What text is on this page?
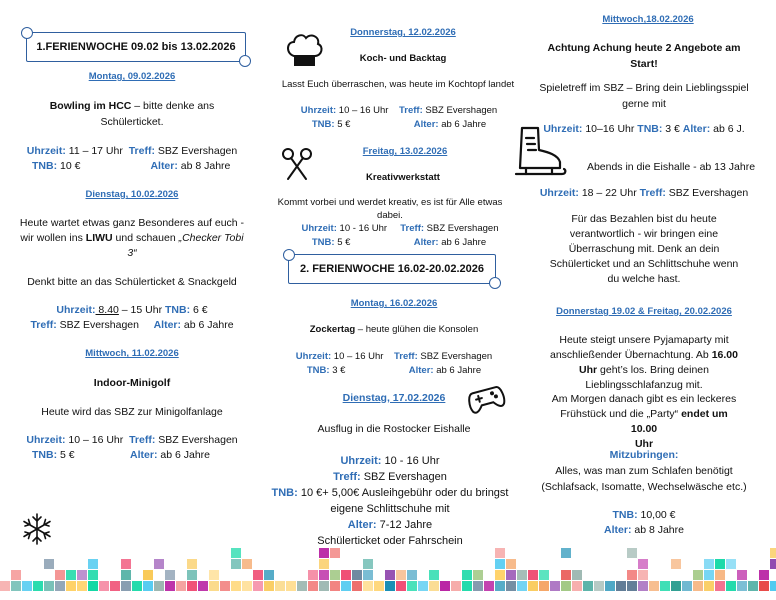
1.FERIENWOCHE 09.02 bis 13.02.2026
Montag, 09.02.2026
Bowling im HCC – bitte denke ans Schülerticket.
Uhrzeit: 11 – 17 Uhr Treff: SBZ Evershagen
TNB: 10 €	Alter: ab 8 Jahre
Dienstag, 10.02.2026
Heute wartet etwas ganz Besonderes auf euch - wir wollen ins LIWU und schauen „Checker Tobi 3“
Denkt bitte an das Schülerticket & Snackgeld
Uhrzeit: 8.40 – 15 Uhr TNB: 6 €
Treff: SBZ Evershagen Alter: ab 6 Jahre
Mittwoch, 11.02.2026
Indoor-Minigolf
Heute wird das SBZ zur Minigolfanlage
Uhrzeit: 10 – 16 Uhr Treff: SBZ Evershagen
TNB: 5 €                   Alter: ab 6 Jahre
Donnerstag, 12.02.2026
Koch- und Backtag
Lasst Euch überraschen, was heute im Kochtopf landet
Uhrzeit: 10 – 16 Uhr Treff: SBZ Evershagen
TNB: 5 € Alter: ab 6 Jahre
Freitag, 13.02.2026
Kreativwerkstatt
Kommt vorbei und werdet kreativ, es ist für Alle etwas dabei.
Uhrzeit: 10 - 16 Uhr Treff: SBZ Evershagen
TNB: 5 € Alter: ab 6 Jahre
2. FERIENWOCHE 16.02-20.02.2026
Montag, 16.02.2026
Zockertag – heute glühen die Konsolen
Uhrzeit: 10 – 16 Uhr Treff: SBZ Evershagen
TNB: 3 € Alter: ab 6 Jahre
Dienstag, 17.02.2026
Ausflug in die Rostocker Eishalle
Uhrzeit: 10 - 16 Uhr
Treff: SBZ Evershagen
TNB: 10 €+ 5,00€ Ausleihgebühr oder du bringst
eigene Schlittschuhe mit
Alter: 7-12 Jahre
Schülerticket oder Fahrschein
Mittwoch,18.02.2026
Achtung Achung heute 2 Angebote am Start!
Spieletreff im SBZ – Bring dein Lieblingsspiel gerne mit
Uhrzeit: 10–16 Uhr TNB: 3 € Alter: ab 6 J.
Abends in die Eishalle - ab 13 Jahre
Uhrzeit: 18 – 22 Uhr Treff: SBZ Evershagen
Für das Bezahlen bist du heute verantwortlich - wir bringen eine Überraschung mit. Denk an dein Schülerticket und an Schlittschuhe wenn du welche hast.
Donnerstag 19.02 & Freitag, 20.02.2026
Heute steigt unsere Pyjamaparty mit anschließender Übernachtung. Ab 16.00 Uhr geht’s los. Bring deinen Lieblingsschlafanzug mit.
Am Morgen danach gibt es ein leckeres Frühstück und die „Party“ endet um 10.00
Uhr
Mitzubringen:
Alles, was man zum Schlafen benötigt (Schlafsack, Isomatte, Wechselwäsche etc.)
TNB: 10,00 €
Alter: ab 8 Jahre
